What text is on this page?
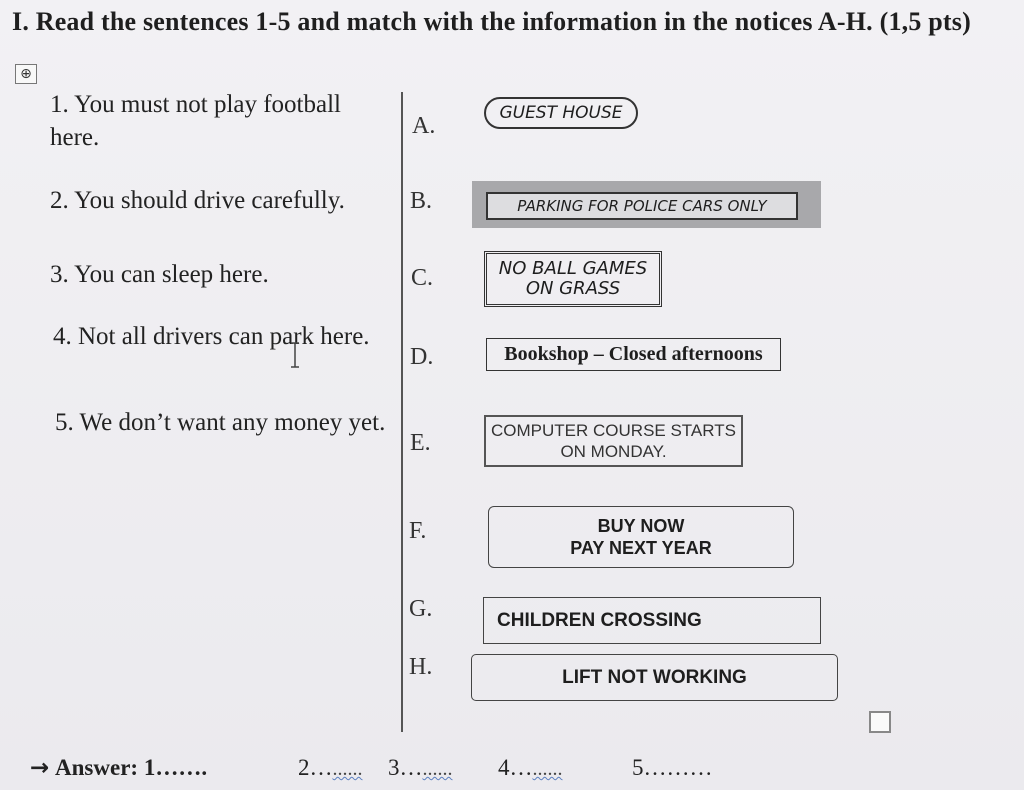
I. Read the sentences 1-5 and match with the information in the notices A-H. (1,5 pts)
⊕
1. You must not play football here.
2. You should drive carefully.
3. You can sleep here.
4. Not all drivers can park here.
5. We don’t want any money yet.
A.
B.
C.
D.
E.
F.
G.
H.
GUEST HOUSE
PARKING FOR POLICE CARS ONLY
NO BALL GAMES
ON GRASS
Bookshop – Closed afternoons
COMPUTER COURSE STARTS
ON MONDAY.
BUY NOW
PAY NEXT YEAR
CHILDREN CROSSING
LIFT NOT WORKING
→ Answer: 1…….	2…...... 3…...... 4…......	5………
